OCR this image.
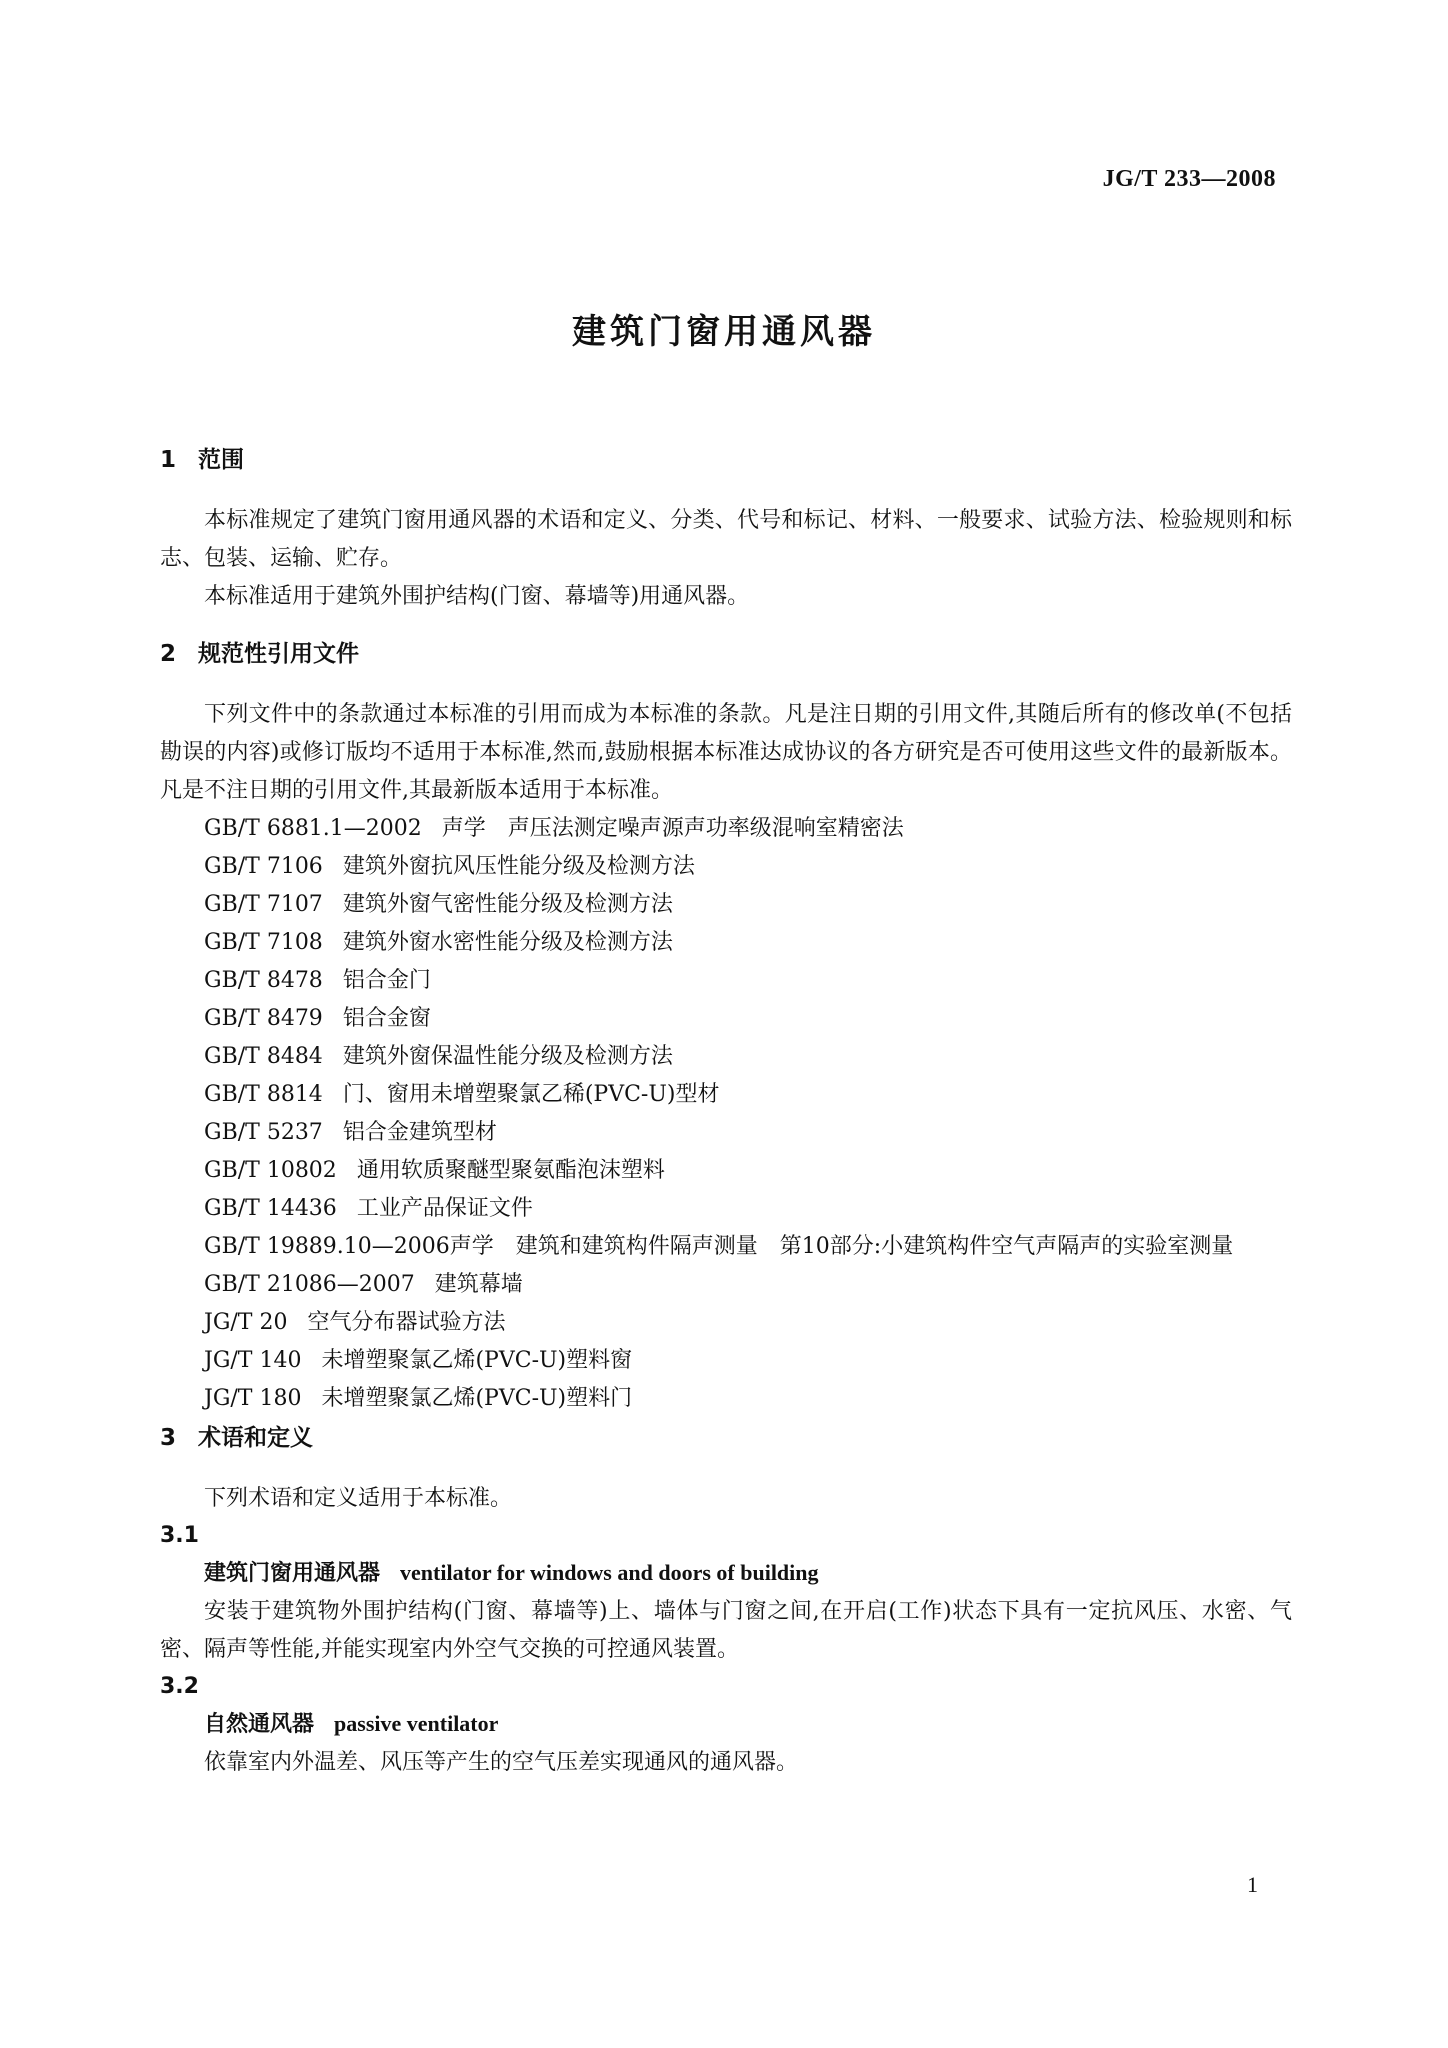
JG/T 233—2008
建筑门窗用通风器
1 范围

本标准规定了建筑门窗用通风器的术语和定义、分类、代号和标记、材料、一般要求、试验方法、检验规则和标志、包装、运输、贮存。

本标准适用于建筑外围护结构(门窗、幕墙等)用通风器。

2 规范性引用文件

下列文件中的条款通过本标准的引用而成为本标准的条款。凡是注日期的引用文件,其随后所有的修改单(不包括勘误的内容)或修订版均不适用于本标准,然而,鼓励根据本标准达成协议的各方研究是否可使用这些文件的最新版本。凡是不注日期的引用文件,其最新版本适用于本标准。

GB/T 6881.1—2002 声学　声压法测定噪声源声功率级混响室精密法

GB/T 7106 建筑外窗抗风压性能分级及检测方法

GB/T 7107 建筑外窗气密性能分级及检测方法

GB/T 7108 建筑外窗水密性能分级及检测方法

GB/T 8478 铝合金门

GB/T 8479 铝合金窗

GB/T 8484 建筑外窗保温性能分级及检测方法

GB/T 8814 门、窗用未增塑聚氯乙稀(PVC-U)型材

GB/T 5237 铝合金建筑型材

GB/T 10802 通用软质聚醚型聚氨酯泡沫塑料

GB/T 14436 工业产品保证文件

GB/T 19889.10—2006声学　建筑和建筑构件隔声测量　第10部分:小建筑构件空气声隔声的实验室测量

GB/T 21086—2007 建筑幕墙

JG/T 20 空气分布器试验方法

JG/T 140 未增塑聚氯乙烯(PVC-U)塑料窗

JG/T 180 未增塑聚氯乙烯(PVC-U)塑料门

3 术语和定义

下列术语和定义适用于本标准。

3.1

建筑门窗用通风器 ventilator for windows and doors of building

安装于建筑物外围护结构(门窗、幕墙等)上、墙体与门窗之间,在开启(工作)状态下具有一定抗风压、水密、气密、隔声等性能,并能实现室内外空气交换的可控通风装置。

3.2

自然通风器 passive ventilator

依靠室内外温差、风压等产生的空气压差实现通风的通风器。

1
